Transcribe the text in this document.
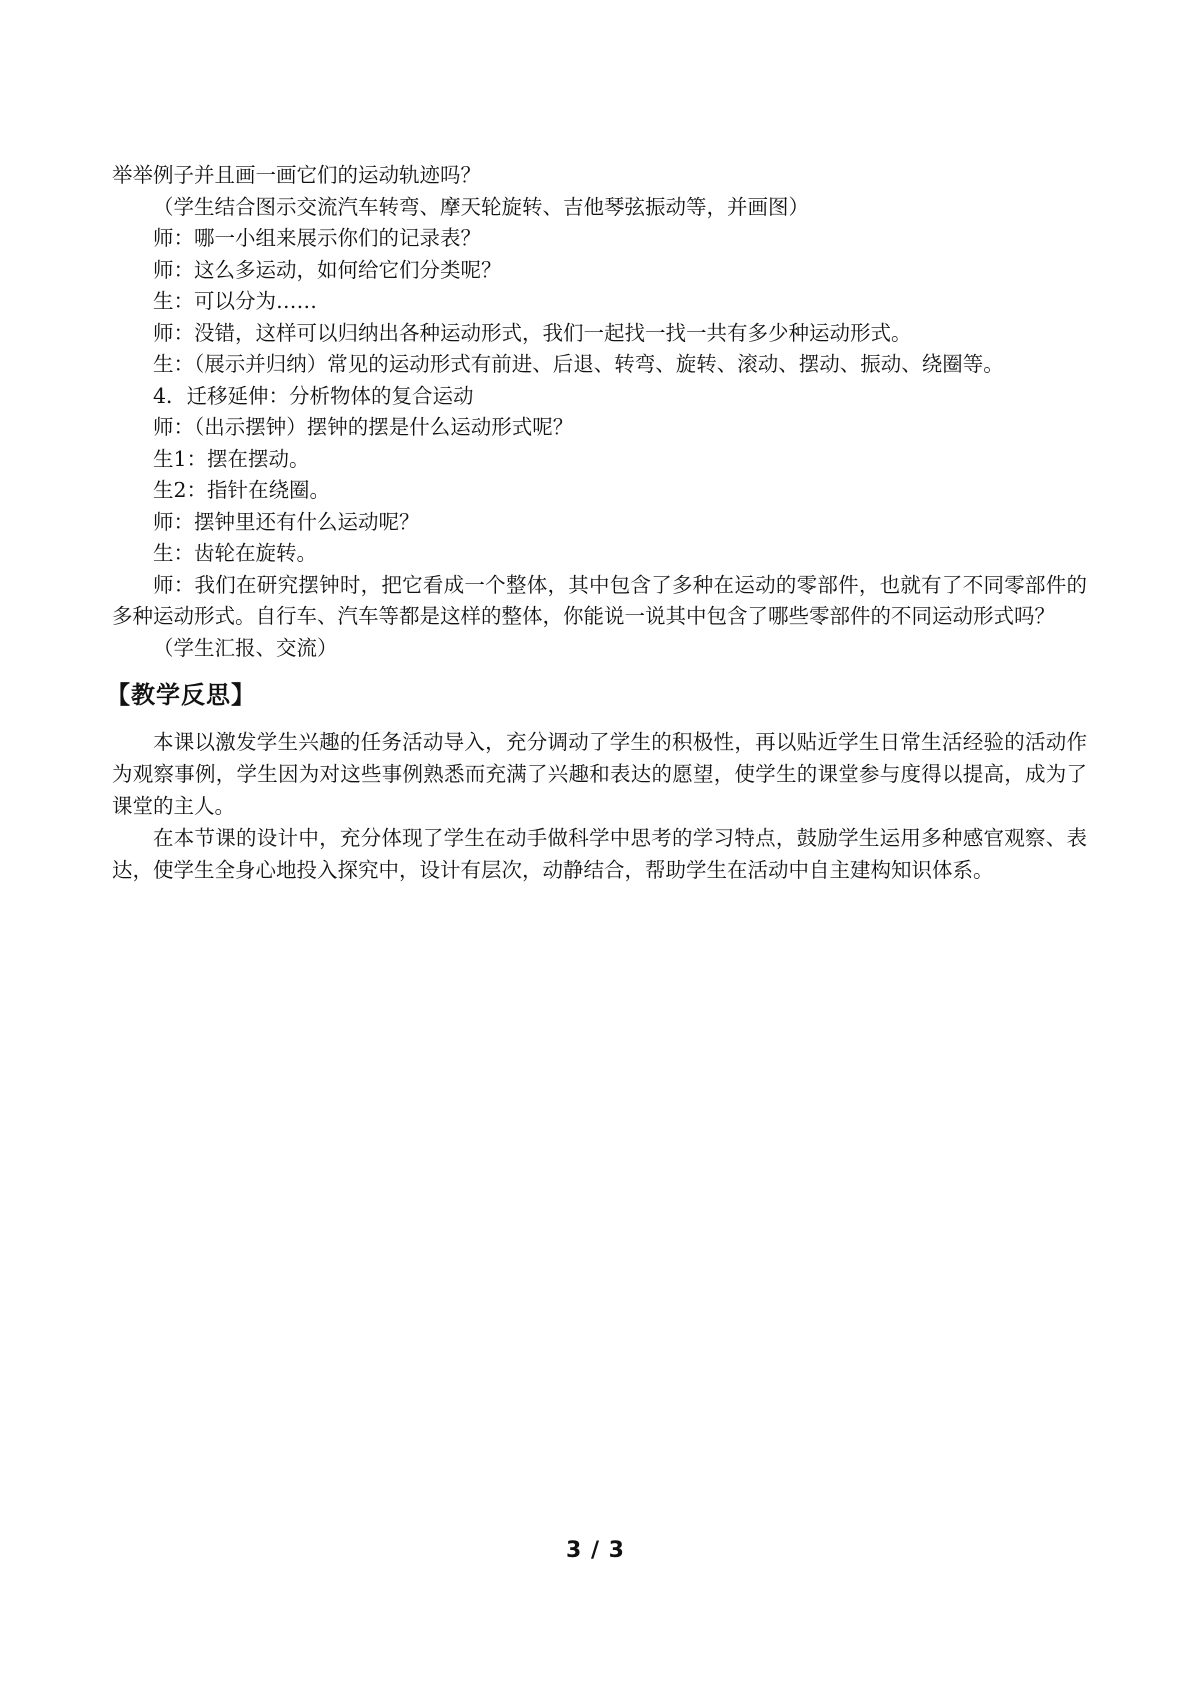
举举例子并且画一画它们的运动轨迹吗？

（学生结合图示交流汽车转弯、摩天轮旋转、吉他琴弦振动等，并画图）

师：哪一小组来展示你们的记录表？

师：这么多运动，如何给它们分类呢？

生：可以分为……

师：没错，这样可以归纳出各种运动形式，我们一起找一找一共有多少种运动形式。

生：（展示并归纳）常见的运动形式有前进、后退、转弯、旋转、滚动、摆动、振动、绕圈等。

4．迁移延伸：分析物体的复合运动

师：（出示摆钟）摆钟的摆是什么运动形式呢？

生1：摆在摆动。

生2：指针在绕圈。

师：摆钟里还有什么运动呢？

生：齿轮在旋转。

师：我们在研究摆钟时，把它看成一个整体，其中包含了多种在运动的零部件，也就有了不同零部件的多种运动形式。自行车、汽车等都是这样的整体，你能说一说其中包含了哪些零部件的不同运动形式吗？

（学生汇报、交流）

【教学反思】

本课以激发学生兴趣的任务活动导入，充分调动了学生的积极性，再以贴近学生日常生活经验的活动作为观察事例，学生因为对这些事例熟悉而充满了兴趣和表达的愿望，使学生的课堂参与度得以提高，成为了课堂的主人。

在本节课的设计中，充分体现了学生在动手做科学中思考的学习特点，鼓励学生运用多种感官观察、表达，使学生全身心地投入探究中，设计有层次，动静结合，帮助学生在活动中自主建构知识体系。

3 / 3
